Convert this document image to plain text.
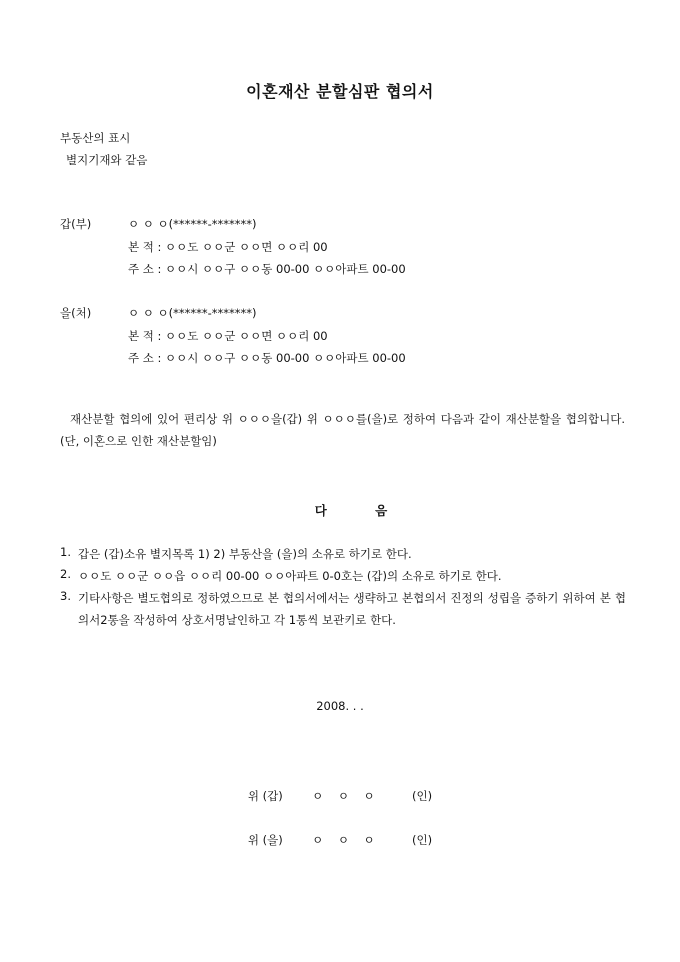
이혼재산 분할심판 협의서
부동산의 표시
별지기재와 같음
갑(부)	ㅇ ㅇ ㅇ(******-*******)
본 적 : ㅇㅇ도 ㅇㅇ군 ㅇㅇ면 ㅇㅇ리 00
주 소 : ㅇㅇ시 ㅇㅇ구 ㅇㅇ동 00-00 ㅇㅇ아파트 00-00
을(처)	ㅇ ㅇ ㅇ(******-*******)
본 적 : ㅇㅇ도 ㅇㅇ군 ㅇㅇ면 ㅇㅇ리 00
주 소 : ㅇㅇ시 ㅇㅇ구 ㅇㅇ동 00-00 ㅇㅇ아파트 00-00
재산분할 협의에 있어 편리상 위 ㅇㅇㅇ을(갑) 위 ㅇㅇㅇ를(을)로 정하여 다음과 같이 재산분할을 협의합니다. (단, 이혼으로 인한 재산분할임)
다 음
1. 갑은 (갑)소유 별지목록 1) 2) 부동산을 (을)의 소유로 하기로 한다.
2. ㅇㅇ도 ㅇㅇ군 ㅇㅇ읍 ㅇㅇ리 00-00 ㅇㅇ아파트 0-0호는 (갑)의 소유로 하기로 한다.
3. 기타사항은 별도협의로 정하였으므로 본 협의서에서는 생략하고 본협의서 진정의 성립을 증하기 위하여 본 협의서2통을 작성하여 상호서명날인하고 각 1통씩 보관키로 한다.
2008. . .
위 (갑)	ㅇ    ㅇ    ㅇ	(인)
위 (을)	ㅇ    ㅇ    ㅇ	(인)
